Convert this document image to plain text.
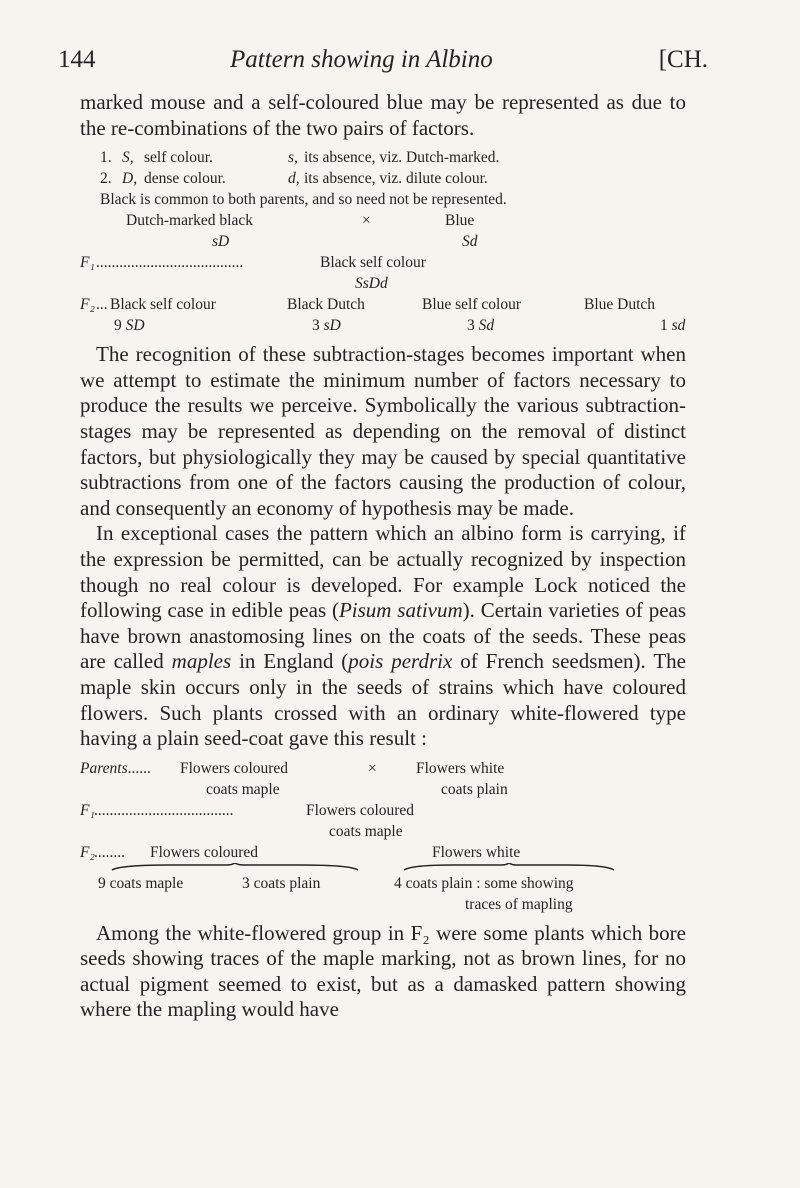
144	Pattern showing in Albino	[CH.

marked mouse and a self-coloured blue may be represented as due to the re-combinations of the two pairs of factors.

1. S, self colour.	s, its absence, viz. Dutch-marked.
2. D, dense colour.	d, its absence, viz. dilute colour.
Black is common to both parents, and so need not be represented.
Dutch-marked black	×	Blue
sD	Sd
F₁ ......................................	Black self colour
SsDd
F₂ ... Black self colour	Black Dutch	Blue self colour	Blue Dutch
9 SD	3 sD	3 Sd	1 sd

The recognition of these subtraction-stages becomes important when we attempt to estimate the minimum number of factors necessary to produce the results we perceive. Symbolically the various subtraction-stages may be represented as depending on the removal of distinct factors, but physiologically they may be caused by special quantitative subtractions from one of the factors causing the production of colour, and consequently an economy of hypothesis may be made.

In exceptional cases the pattern which an albino form is carrying, if the expression be permitted, can be actually recognized by inspection though no real colour is developed. For example Lock noticed the following case in edible peas (Pisum sativum). Certain varieties of peas have brown anastomosing lines on the coats of the seeds. These peas are called maples in England (pois perdrix of French seedsmen). The maple skin occurs only in the seeds of strains which have coloured flowers. Such plants crossed with an ordinary white-flowered type having a plain seed-coat gave this result :

Parents...... Flowers coloured	×	Flowers white
coats maple	coats plain
F₁ ....................................	Flowers coloured
coats maple
F₂ ........ Flowers coloured	Flowers white
9 coats maple	3 coats plain	4 coats plain : some showing
traces of mapling

Among the white-flowered group in F₂ were some plants which bore seeds showing traces of the maple marking, not as brown lines, for no actual pigment seemed to exist, but as a damasked pattern showing where the mapling would have
